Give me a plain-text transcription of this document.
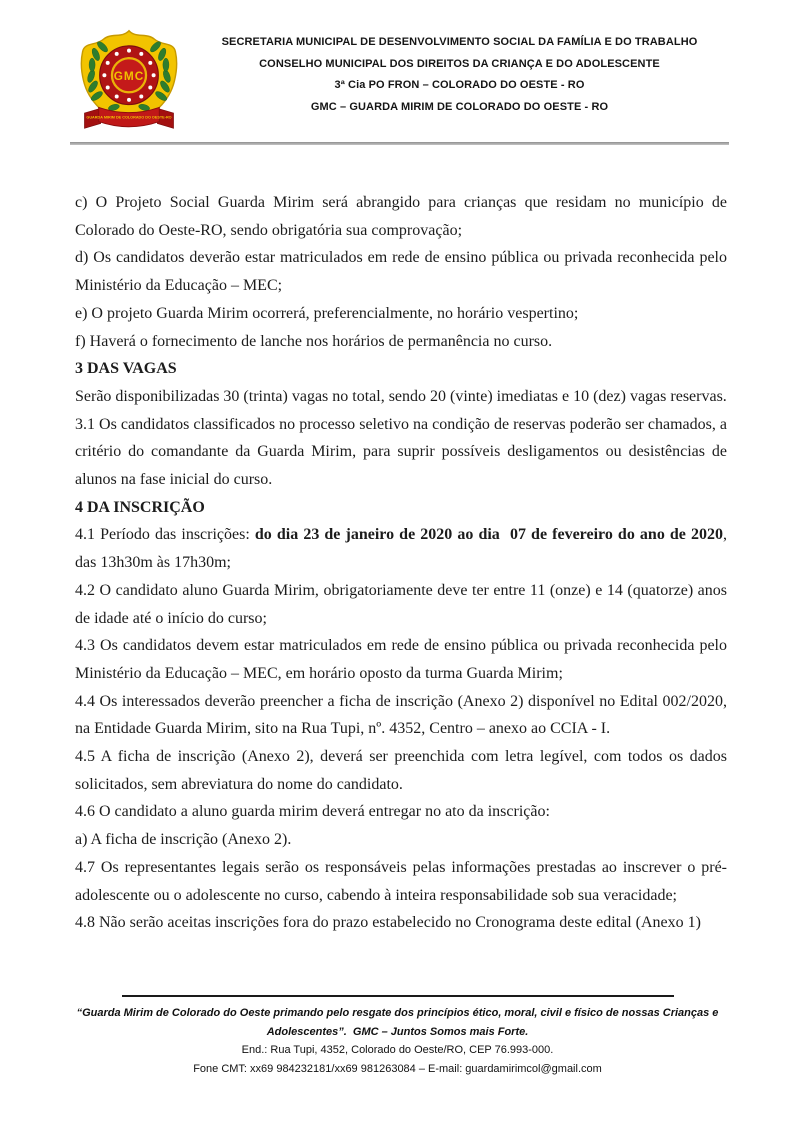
GMC
GUARDA MIRIM DE COLORADO DO OESTE-RO
SECRETARIA MUNICIPAL DE DESENVOLVIMENTO SOCIAL DA FAMÍLIA E DO TRABALHO
CONSELHO MUNICIPAL DOS DIREITOS DA CRIANÇA E DO ADOLESCENTE
3ª Cia PO FRON – COLORADO DO OESTE - RO
GMC – GUARDA MIRIM DE COLORADO DO OESTE - RO

c) O Projeto Social Guarda Mirim será abrangido para crianças que residam no município de Colorado do Oeste-RO, sendo obrigatória sua comprovação;

d) Os candidatos deverão estar matriculados em rede de ensino pública ou privada reconhecida pelo Ministério da Educação – MEC;

e) O projeto Guarda Mirim ocorrerá, preferencialmente, no horário vespertino;

f) Haverá o fornecimento de lanche nos horários de permanência no curso.

3 DAS VAGAS

Serão disponibilizadas 30 (trinta) vagas no total, sendo 20 (vinte) imediatas e 10 (dez) vagas reservas.

3.1 Os candidatos classificados no processo seletivo na condição de reservas poderão ser chamados, a critério do comandante da Guarda Mirim, para suprir possíveis desligamentos ou desistências de alunos na fase inicial do curso.

4 DA INSCRIÇÃO

4.1 Período das inscrições: do dia 23 de janeiro de 2020 ao dia  07 de fevereiro do ano de 2020, das 13h30m às 17h30m;

4.2 O candidato aluno Guarda Mirim, obrigatoriamente deve ter entre 11 (onze) e 14 (quatorze) anos de idade até o início do curso;

4.3 Os candidatos devem estar matriculados em rede de ensino pública ou privada reconhecida pelo Ministério da Educação – MEC, em horário oposto da turma Guarda Mirim;

4.4 Os interessados deverão preencher a ficha de inscrição (Anexo 2) disponível no Edital 002/2020, na Entidade Guarda Mirim, sito na Rua Tupi, nº. 4352, Centro – anexo ao CCIA - I.

4.5 A ficha de inscrição (Anexo 2), deverá ser preenchida com letra legível, com todos os dados solicitados, sem abreviatura do nome do candidato.

4.6 O candidato a aluno guarda mirim deverá entregar no ato da inscrição:

a) A ficha de inscrição (Anexo 2).

4.7 Os representantes legais serão os responsáveis pelas informações prestadas ao inscrever o pré-adolescente ou o adolescente no curso, cabendo à inteira responsabilidade sob sua veracidade;

4.8 Não serão aceitas inscrições fora do prazo estabelecido no Cronograma deste edital (Anexo 1)

“Guarda Mirim de Colorado do Oeste primando pelo resgate dos princípios ético, moral, civil e físico de nossas Crianças e Adolescentes”.  GMC – Juntos Somos mais Forte.
End.: Rua Tupi, 4352, Colorado do Oeste/RO, CEP 76.993-000.
Fone CMT: xx69 984232181/xx69 981263084 – E-mail: guardamirimcol@gmail.com
